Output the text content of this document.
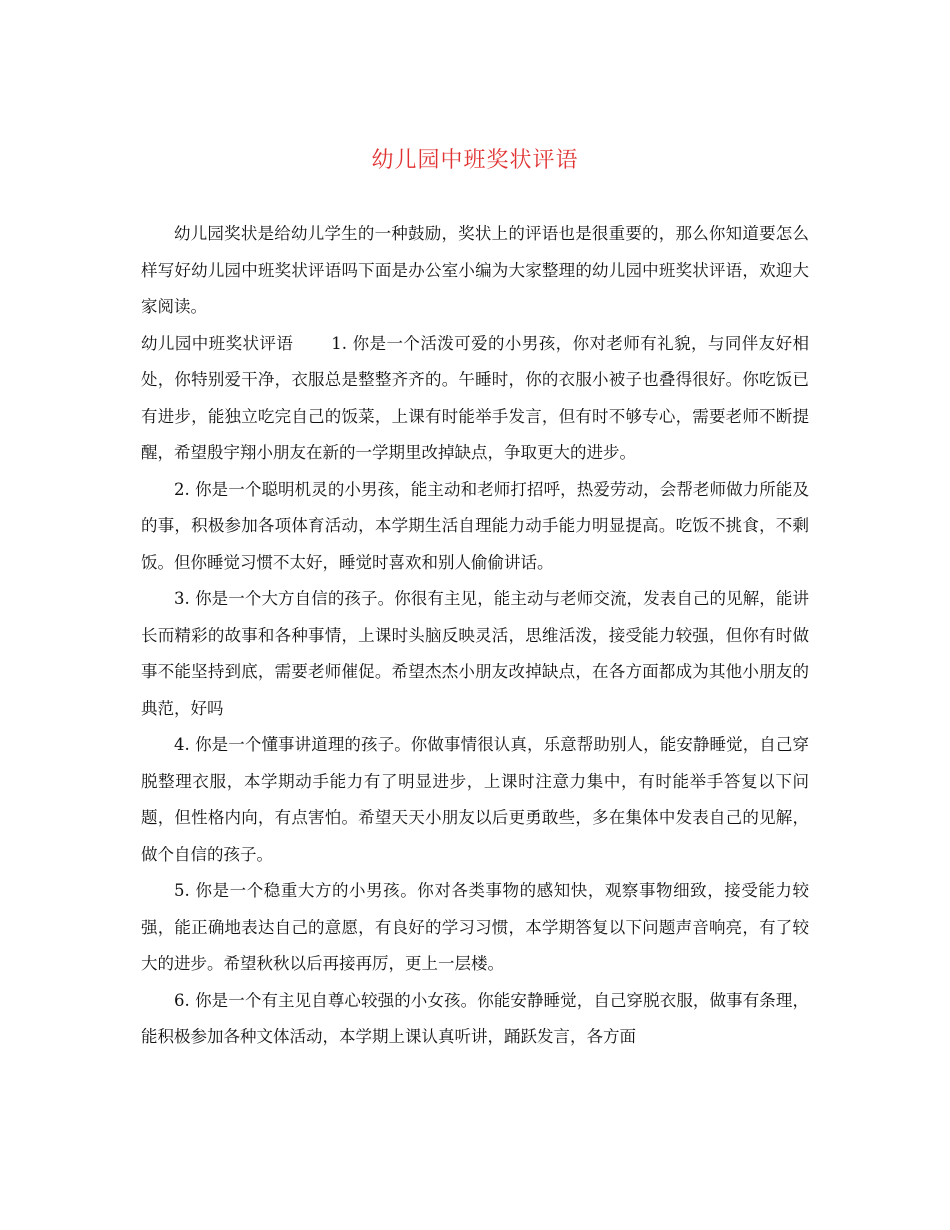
幼儿园中班奖状评语

幼儿园奖状是给幼儿学生的一种鼓励，奖状上的评语也是很重要的，那么你知道要怎么样写好幼儿园中班奖状评语吗下面是办公室小编为大家整理的幼儿园中班奖状评语，欢迎大家阅读。

幼儿园中班奖状评语 1. 你是一个活泼可爱的小男孩，你对老师有礼貌，与同伴友好相处，你特别爱干净，衣服总是整整齐齐的。午睡时，你的衣服小被子也叠得很好。你吃饭已有进步，能独立吃完自己的饭菜，上课有时能举手发言，但有时不够专心，需要老师不断提醒，希望殷宇翔小朋友在新的一学期里改掉缺点，争取更大的进步。

2. 你是一个聪明机灵的小男孩，能主动和老师打招呼，热爱劳动，会帮老师做力所能及的事，积极参加各项体育活动，本学期生活自理能力动手能力明显提高。吃饭不挑食，不剩饭。但你睡觉习惯不太好，睡觉时喜欢和别人偷偷讲话。

3. 你是一个大方自信的孩子。你很有主见，能主动与老师交流，发表自己的见解，能讲长而精彩的故事和各种事情，上课时头脑反映灵活，思维活泼，接受能力较强，但你有时做事不能坚持到底，需要老师催促。希望杰杰小朋友改掉缺点，在各方面都成为其他小朋友的典范，好吗

4. 你是一个懂事讲道理的孩子。你做事情很认真，乐意帮助别人，能安静睡觉，自己穿脱整理衣服，本学期动手能力有了明显进步，上课时注意力集中，有时能举手答复以下问题，但性格内向，有点害怕。希望天天小朋友以后更勇敢些，多在集体中发表自己的见解，做个自信的孩子。

5. 你是一个稳重大方的小男孩。你对各类事物的感知快，观察事物细致，接受能力较强，能正确地表达自己的意愿，有良好的学习习惯，本学期答复以下问题声音响亮，有了较大的进步。希望秋秋以后再接再厉，更上一层楼。

6. 你是一个有主见自尊心较强的小女孩。你能安静睡觉，自己穿脱衣服，做事有条理，能积极参加各种文体活动，本学期上课认真听讲，踊跃发言，各方面
